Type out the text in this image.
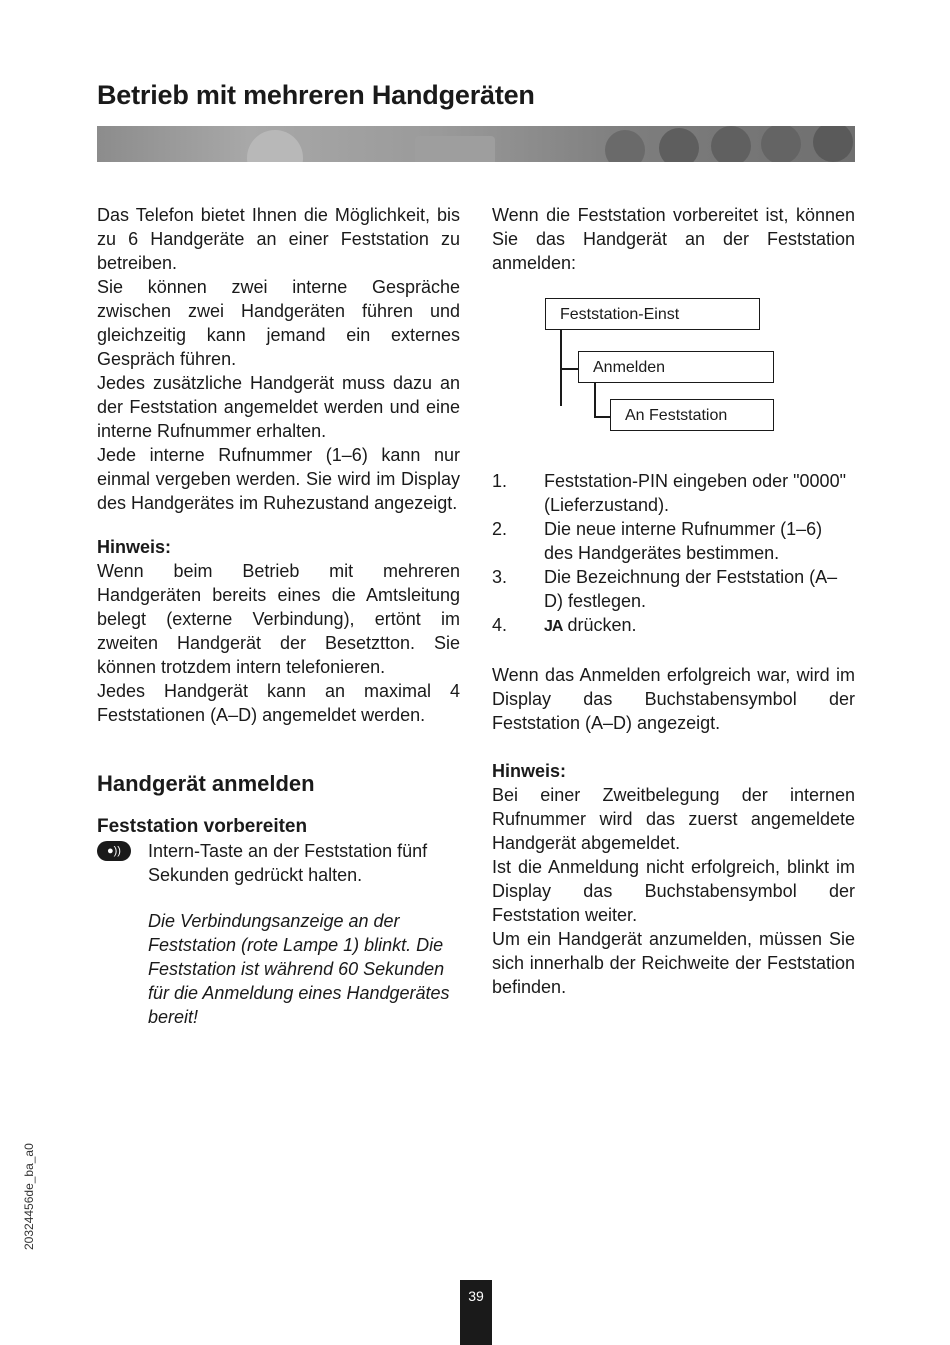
Betrieb mit mehreren Handgeräten

Das Telefon bietet Ihnen die Möglichkeit, bis zu 6 Handgeräte an einer Feststation zu betreiben.

Sie können zwei interne Gespräche zwischen zwei Handgeräten führen und gleichzeitig kann jemand ein externes Gespräch führen.

Jedes zusätzliche Handgerät muss dazu an der Feststation angemeldet werden und eine interne Rufnummer erhalten.

Jede interne Rufnummer (1–6) kann nur einmal vergeben werden. Sie wird im Display des Handgerätes im Ruhezustand angezeigt.

Hinweis:

Wenn beim Betrieb mit mehreren Handgeräten bereits eines die Amtsleitung belegt (externe Verbindung), ertönt im zweiten Handgerät der Besetztton. Sie können trotzdem intern telefonieren.

Jedes Handgerät kann an maximal 4 Feststationen (A–D) angemeldet werden.

Handgerät anmelden
Feststation vorbereiten
●))	Intern-Taste an der Feststation fünf Sekunden gedrückt halten.

Die Verbindungsanzeige an der Feststation (rote Lampe 1) blinkt. Die Feststation ist während 60 Sekunden für die Anmeldung eines Handgerätes bereit!

Wenn die Feststation vorbereitet ist, können Sie das Handgerät an der Feststation anmelden:

Feststation-Einst
Anmelden
An Feststation
1. Feststation-PIN eingeben oder "0000" (Lieferzustand).
2. Die neue interne Rufnummer (1–6) des Handgerätes bestimmen.
3. Die Bezeichnung der Feststation (A–D) festlegen.
4. JA drücken.

Wenn das Anmelden erfolgreich war, wird im Display das Buchstabensymbol der Feststation (A–D) angezeigt.

Hinweis:

Bei einer Zweitbelegung der internen Rufnummer wird das zuerst angemeldete Handgerät abgemeldet.

Ist die Anmeldung nicht erfolgreich, blinkt im Display das Buchstabensymbol der Feststation weiter.

Um ein Handgerät anzumelden, müssen Sie sich innerhalb der Reichweite der Feststation befinden.

20324456de_ba_a0
39
